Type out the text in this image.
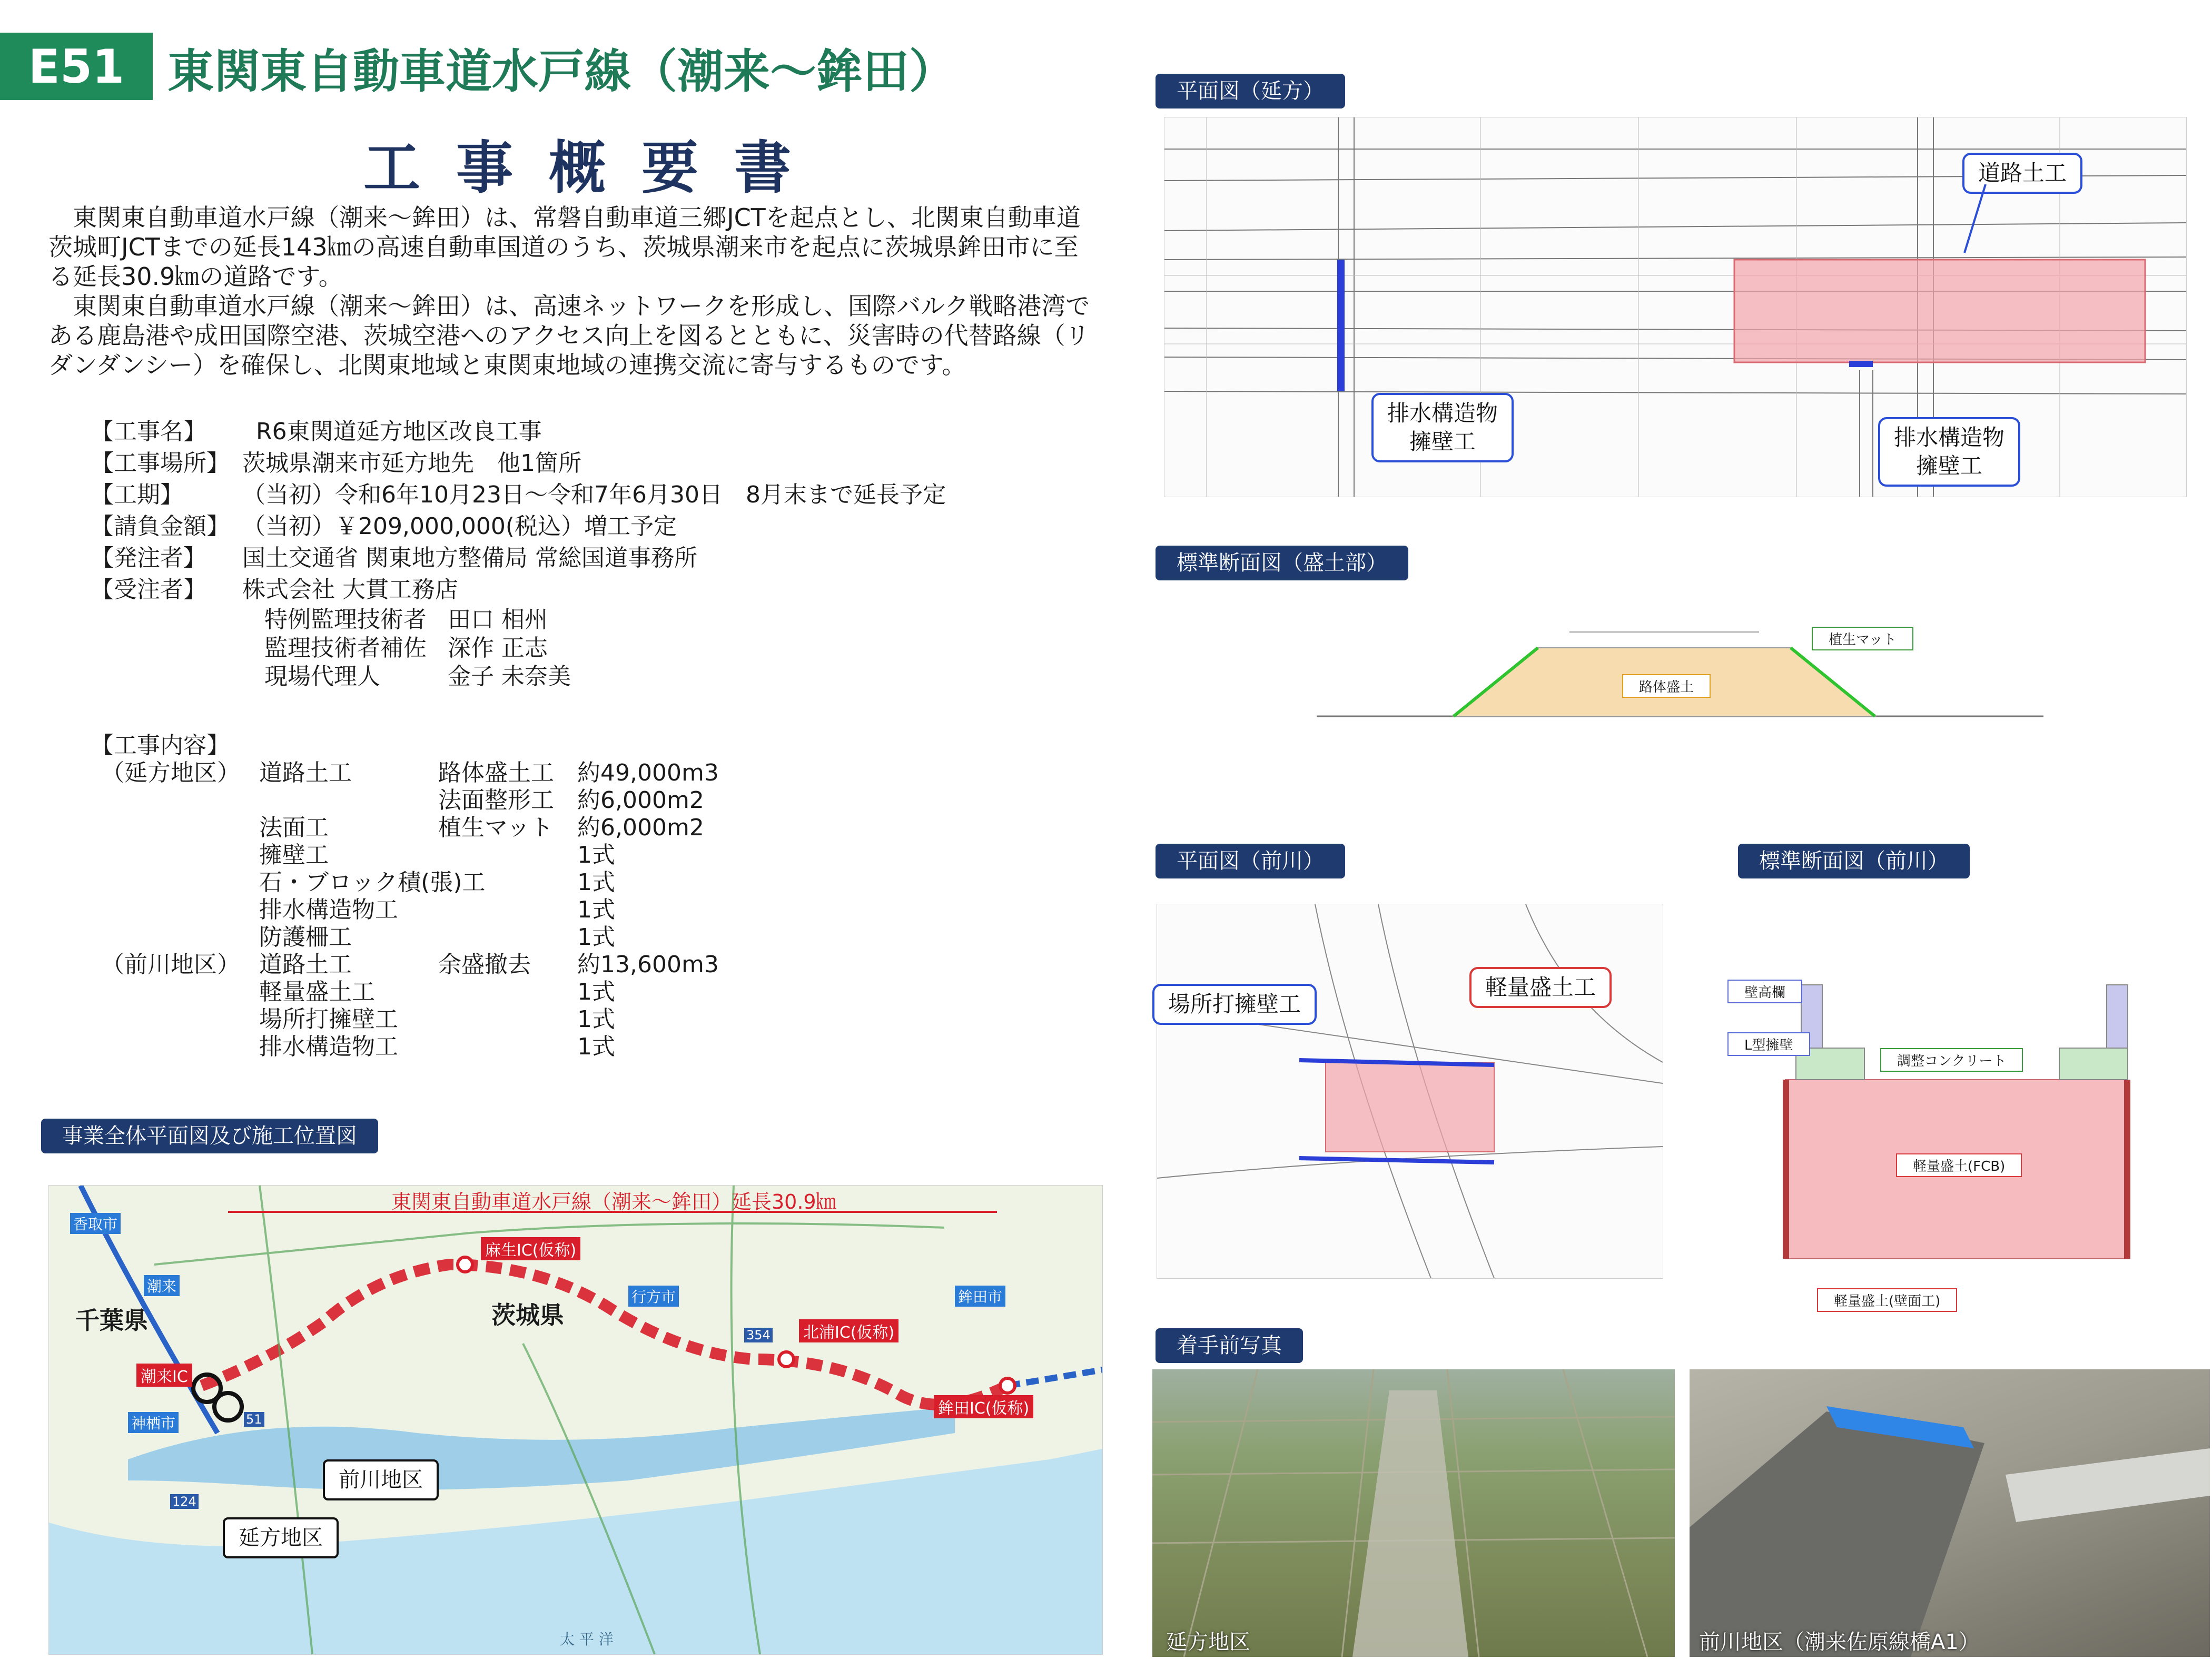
E51 東関東自動車道水戸線（潮来～鉾田）
工事概要書

東関東自動車道水戸線（潮来～鉾田）は、常磐自動車道三郷JCTを起点とし、北関東自動車道茨城町JCTまでの延長143㎞の高速自動車国道のうち、茨城県潮来市を起点に茨城県鉾田市に至る延長30.9㎞の道路です。

東関東自動車道水戸線（潮来～鉾田）は、高速ネットワークを形成し、国際バルク戦略港湾である鹿島港や成田国際空港、茨城空港へのアクセス向上を図るとともに、災害時の代替路線（リダンダンシー）を確保し、北関東地域と東関東地域の連携交流に寄与するものです。

【工事名】	R6東関道延方地区改良工事
【工事場所】 茨城県潮来市延方地先　他1箇所
【工期】	（当初）令和6年10月23日～令和7年6月30日　8月末まで延長予定
【請負金額】 （当初）￥209,000,000(税込）増工予定
【発注者】	国土交通省 関東地方整備局 常総国道事務所
【受注者】	株式会社 大貫工務店
特例監理技術者 田口 相州
監理技術者補佐 深作 正志
現場代理人	金子 未奈美
【工事内容】
（延方地区） 道路土工	路体盛土工	約49,000m3
法面整形工	約6,000m2
法面工	植生マット	約6,000m2
擁壁工	1式
石・ブロック積(張)工	1式
排水構造物工	1式
防護柵工	1式
（前川地区） 道路土工	余盛撤去	約13,600m3
軽量盛土工	1式
場所打擁壁工	1式
排水構造物工	1式
平面図（延方）
道路土工
排水構造物
擁壁工	排水構造物
擁壁工
標準断面図（盛土部）
植生マット
路体盛土
平面図（前川）
場所打擁壁工
軽量盛土工
標準断面図（前川）
壁高欄
L型擁壁
調整コンクリート
軽量盛土(FCB)
軽量盛土(壁面工)
着手前写真
延方地区	前川地区（潮来佐原線橋A1）
事業全体平面図及び施工位置図
東関東自動車道水戸線（潮来～鉾田）延長30.9㎞
千葉県	茨城県
潮来IC
麻生IC(仮称)
北浦IC(仮称)
鉾田IC(仮称)
香取市
潮来
行方市	鉾田市
神栖市
前川地区
延方地区
太 平 洋
51
354
124
